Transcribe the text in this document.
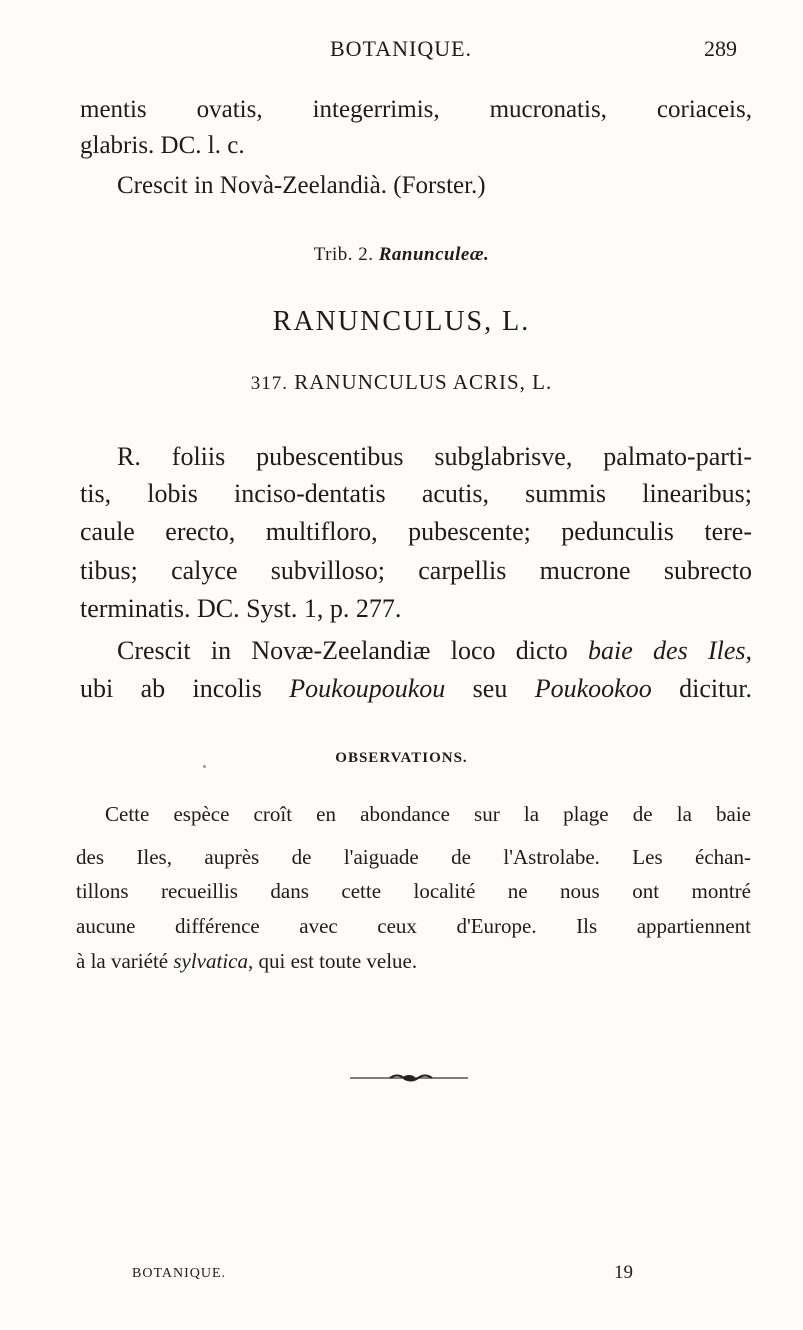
BOTANIQUE.	289
mentis ovatis, integerrimis, mucronatis, coriaceis,
glabris. DC. l. c.
Crescit in Novà-Zeelandià. (Forster.)
Trib. 2. Ranunculeæ.
RANUNCULUS, L.
317. RANUNCULUS ACRIS, L.
R. foliis pubescentibus subglabrisve, palmato-parti-
tis, lobis inciso-dentatis acutis, summis linearibus;
caule erecto, multifloro, pubescente; pedunculis tere-
tibus; calyce subvilloso; carpellis mucrone subrecto
terminatis. DC. Syst. 1, p. 277.
Crescit in Novæ-Zeelandiæ loco dicto baie des Iles,
ubi ab incolis Poukoupoukou seu Poukookoo dicitur.
OBSERVATIONS.
Cette espèce croît en abondance sur la plage de la baie
des Iles, auprès de l'aiguade de l'Astrolabe. Les échan-
tillons recueillis dans cette localité ne nous ont montré
aucune différence avec ceux d'Europe. Ils appartiennent
à la variété sylvatica, qui est toute velue.
BOTANIQUE.	19
